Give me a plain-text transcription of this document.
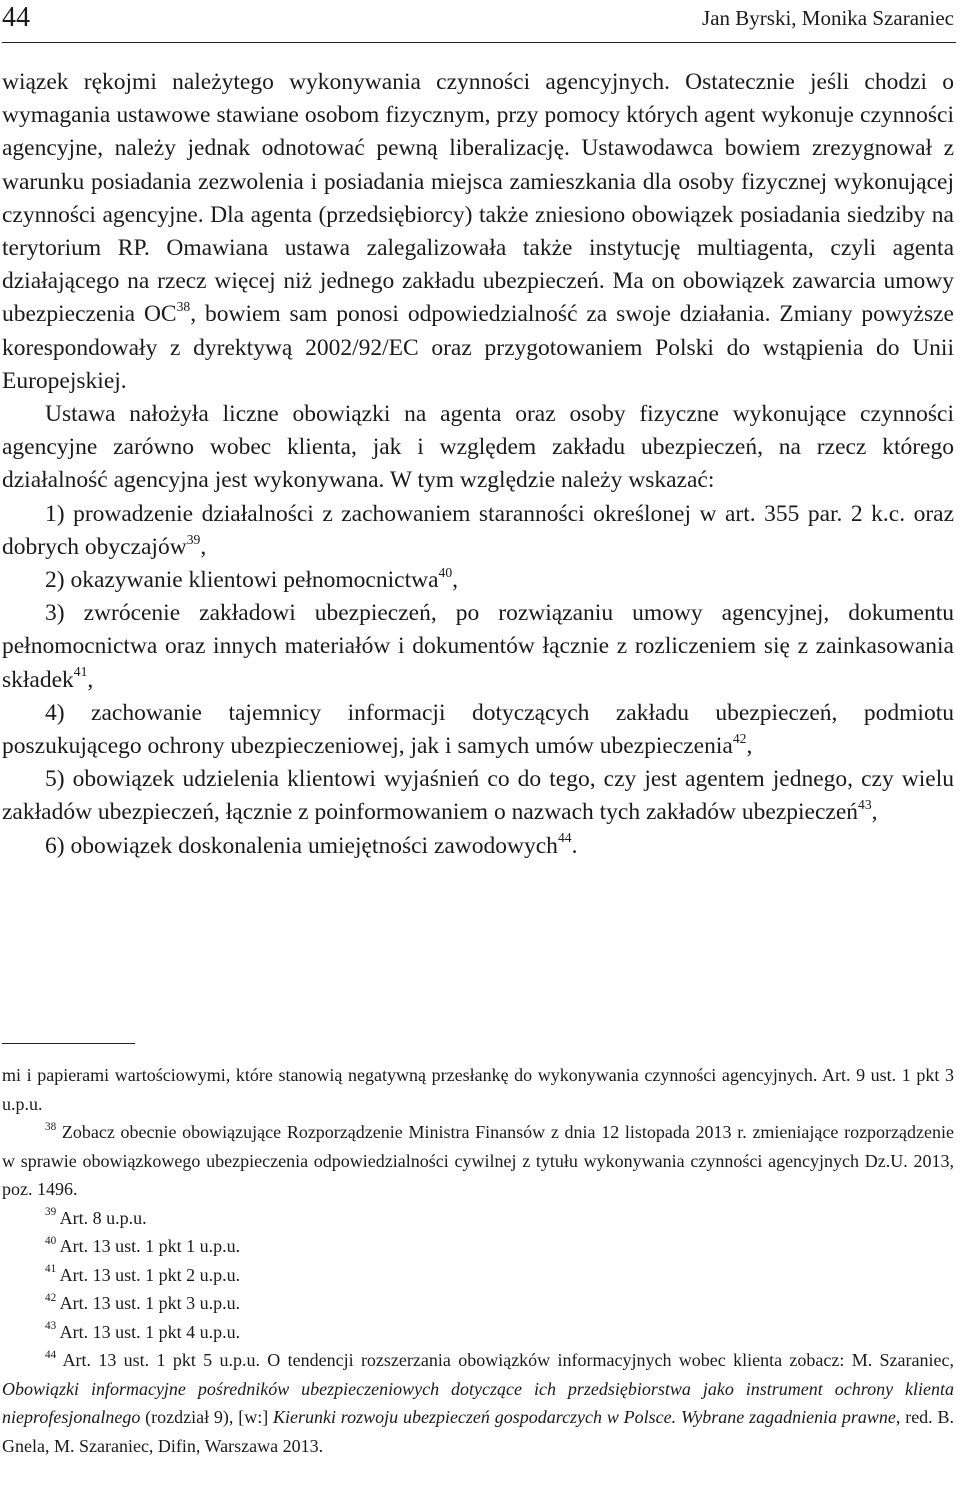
44	Jan Byrski, Monika Szaraniec

wiązek rękojmi należytego wykonywania czynności agencyjnych. Ostatecznie jeśli chodzi o wymagania ustawowe stawiane osobom fizycznym, przy pomocy których agent wykonuje czynności agencyjne, należy jednak odnotować pewną liberalizację. Ustawodawca bowiem zrezygnował z warunku posiadania zezwolenia i posiadania miejsca zamieszkania dla osoby fizycznej wykonującej czynności agencyjne. Dla agenta (przedsiębiorcy) także zniesiono obowiązek posiadania siedziby na terytorium RP. Omawiana ustawa zalegalizowała także instytucję multiagenta, czyli agenta działającego na rzecz więcej niż jednego zakładu ubezpieczeń. Ma on obowiązek zawarcia umowy ubezpieczenia OC$^{38}$, bowiem sam ponosi odpowiedzialność za swoje działania. Zmiany powyższe korespondowały z dyrektywą 2002/92/EC oraz przygotowaniem Polski do wstąpienia do Unii Europejskiej.

Ustawa nałożyła liczne obowiązki na agenta oraz osoby fizyczne wykonujące czynności agencyjne zarówno wobec klienta, jak i względem zakładu ubezpieczeń, na rzecz którego działalność agencyjna jest wykonywana. W tym względzie należy wskazać:

1) prowadzenie działalności z zachowaniem staranności określonej w art. 355 par. 2 k.c. oraz dobrych obyczajów$^{39}$,

2) okazywanie klientowi pełnomocnictwa$^{40}$,

3) zwrócenie zakładowi ubezpieczeń, po rozwiązaniu umowy agencyjnej, dokumentu pełnomocnictwa oraz innych materiałów i dokumentów łącznie z rozliczeniem się z zainkasowania składek$^{41}$,

4) zachowanie tajemnicy informacji dotyczących zakładu ubezpieczeń, podmiotu poszukującego ochrony ubezpieczeniowej, jak i samych umów ubezpieczenia$^{42}$,

5) obowiązek udzielenia klientowi wyjaśnień co do tego, czy jest agentem jednego, czy wielu zakładów ubezpieczeń, łącznie z poinformowaniem o nazwach tych zakładów ubezpieczeń$^{43}$,

6) obowiązek doskonalenia umiejętności zawodowych$^{44}$.

mi i papierami wartościowymi, które stanowią negatywną przesłankę do wykonywania czynności agencyjnych. Art. 9 ust. 1 pkt 3 u.p.u.

$^{38}$ Zobacz obecnie obowiązujące Rozporządzenie Ministra Finansów z dnia 12 listopada 2013 r. zmieniające rozporządzenie w sprawie obowiązkowego ubezpieczenia odpowiedzialności cywilnej z tytułu wykonywania czynności agencyjnych Dz.U. 2013, poz. 1496.

$^{39}$ Art. 8 u.p.u.

$^{40}$ Art. 13 ust. 1 pkt 1 u.p.u.

$^{41}$ Art. 13 ust. 1 pkt 2 u.p.u.

$^{42}$ Art. 13 ust. 1 pkt 3 u.p.u.

$^{43}$ Art. 13 ust. 1 pkt 4 u.p.u.

$^{44}$ Art. 13 ust. 1 pkt 5 u.p.u. O tendencji rozszerzania obowiązków informacyjnych wobec klienta zobacz: M. Szaraniec, Obowiązki informacyjne pośredników ubezpieczeniowych dotyczące ich przedsiębiorstwa jako instrument ochrony klienta nieprofesjonalnego (rozdział 9), [w:] Kierunki rozwoju ubezpieczeń gospodarczych w Polsce. Wybrane zagadnienia prawne, red. B. Gnela, M. Szaraniec, Difin, Warszawa 2013.
